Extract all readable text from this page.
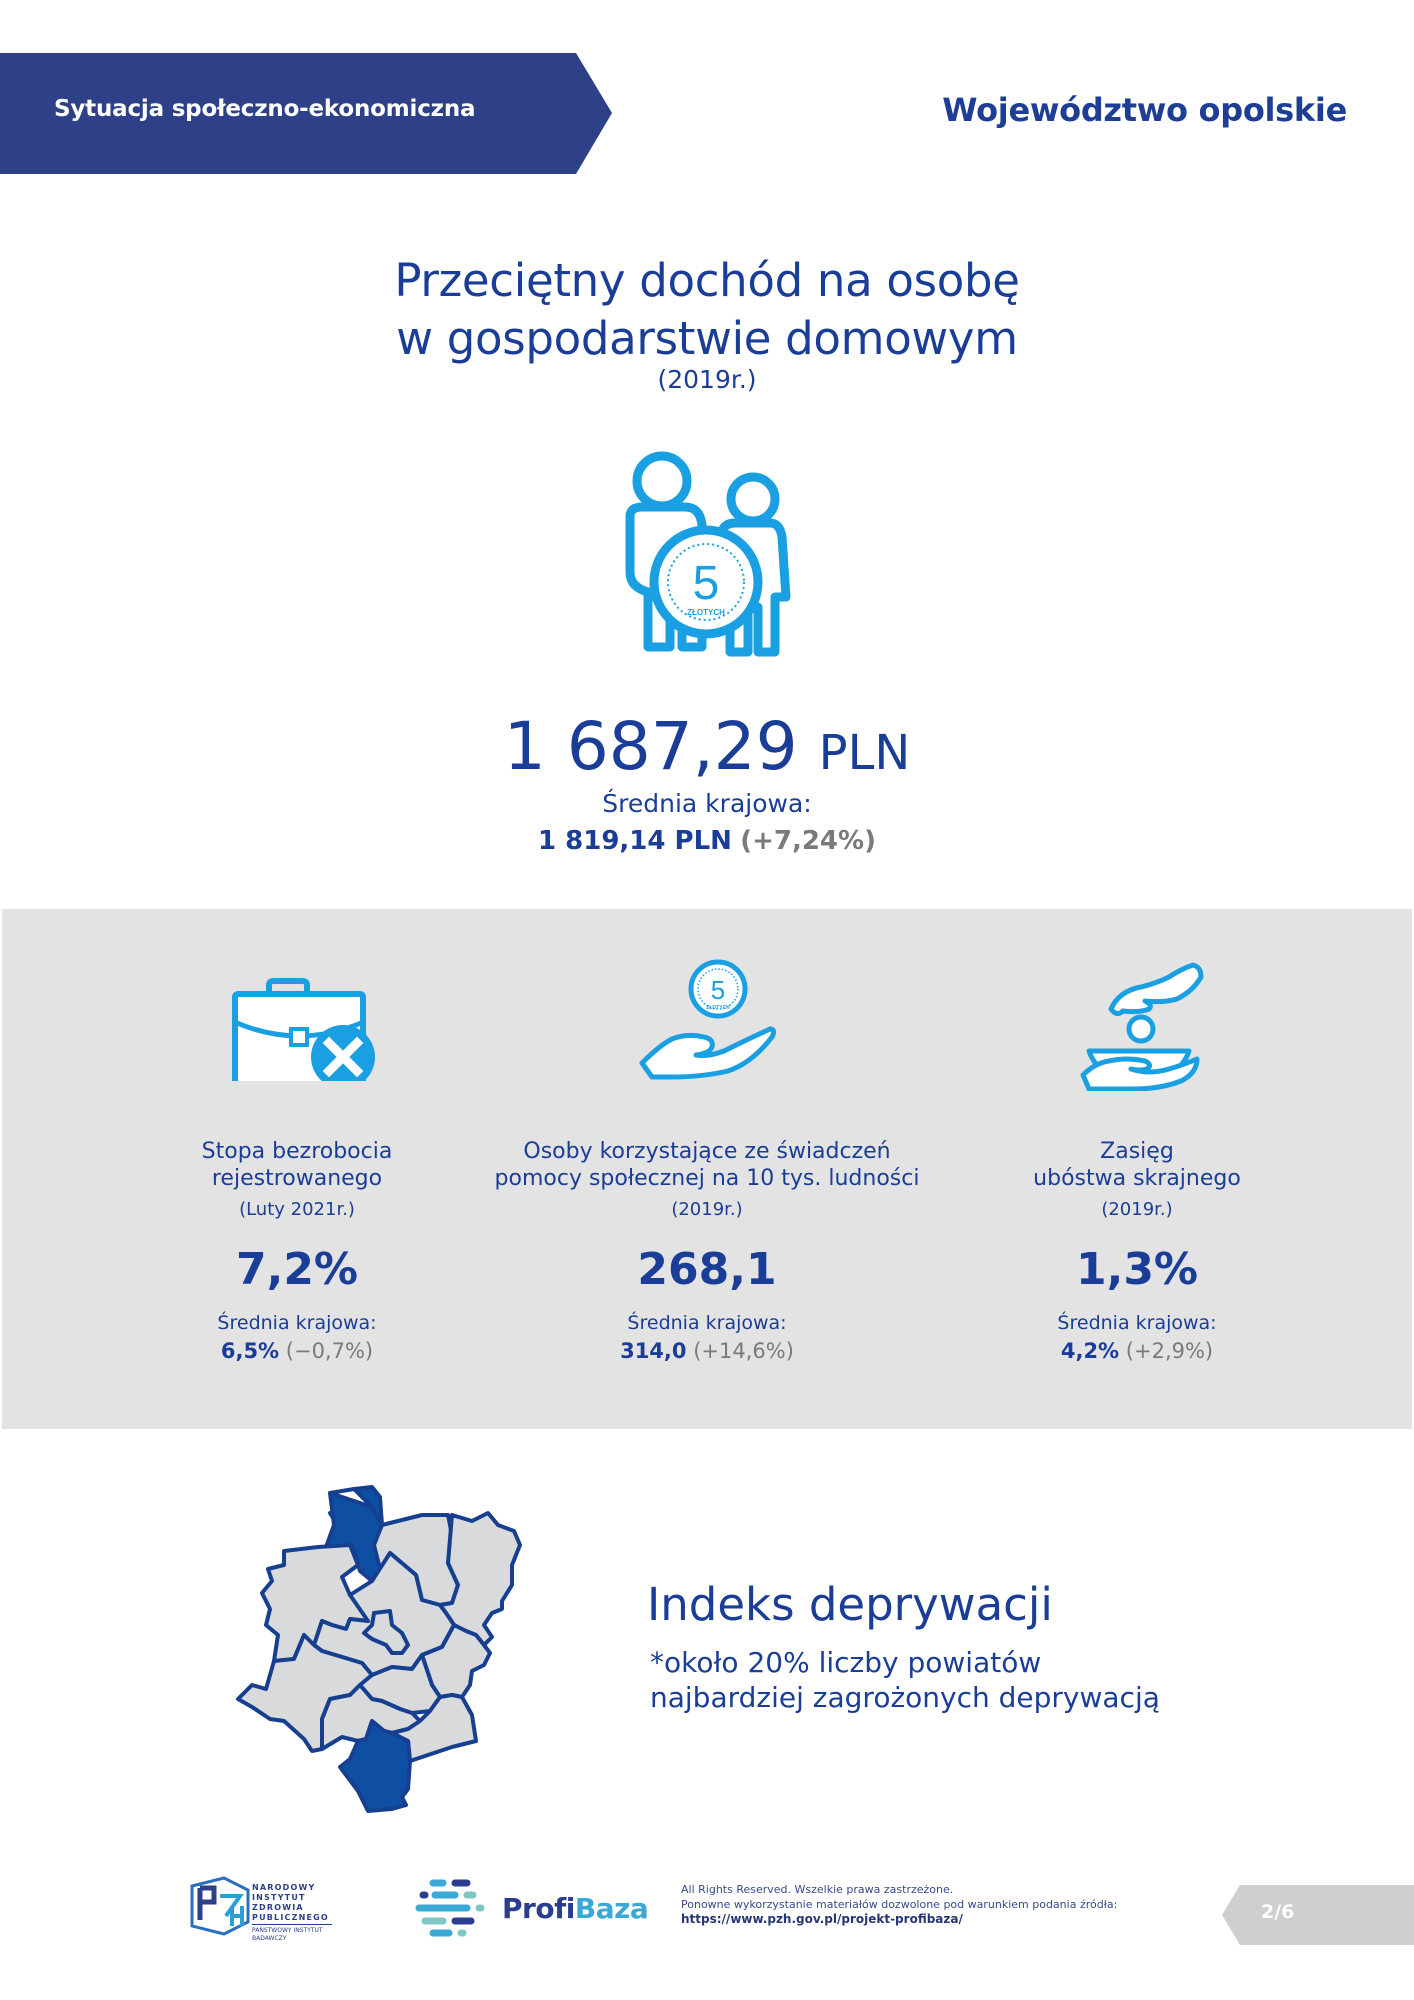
Sytuacja społeczno-ekonomiczna	Województwo opolskie
Przeciętny dochód na osobę
w gospodarstwie domowym
(2019r.)
5
ZŁOTYCH
1 687,29 PLN
Średnia krajowa:
1 819,14 PLN (+7,24%)
Stopa bezrobocia
rejestrowanego
(Luty 2021r.)
7,2%
Średnia krajowa:
6,5% (−0,7%)
5
ZŁOTYCH
Osoby korzystające ze świadczeń
pomocy społecznej na 10 tys. ludności
(2019r.)
268,1
Średnia krajowa:
314,0 (+14,6%)
Zasięg
ubóstwa skrajnego
(2019r.)
1,3%
Średnia krajowa:
4,2% (+2,9%)
Indeks deprywacji
*około 20% liczby powiatów
najbardziej zagrożonych deprywacją
NARODOWY
INSTYTUT
ZDROWIA
PUBLICZNEGO
PAŃSTWOWY INSTYTUT
BADAWCZY
ProfiBaza
All Rights Reserved. Wszelkie prawa zastrzeżone.
Ponowne wykorzystanie materiałów dozwolone pod warunkiem podania źródła:
https://www.pzh.gov.pl/projekt-profibaza/	2/6
